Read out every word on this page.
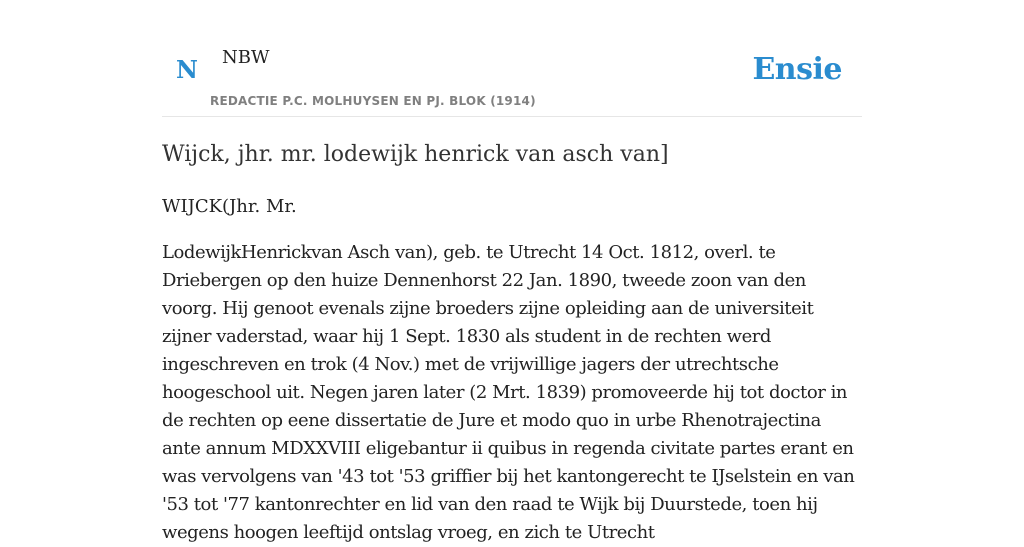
N NBW
REDACTIE P.C. MOLHUYSEN EN PJ. BLOK (1914)
Ensie
Wijck, jhr. mr. lodewijk henrick van asch van]

WIJCK(Jhr. Mr.

LodewijkHenrickvan Asch van), geb. te Utrecht 14 Oct. 1812, overl. te Driebergen op den huize Dennenhorst 22 Jan. 1890, tweede zoon van den voorg. Hij genoot evenals zijne broeders zijne opleiding aan de universiteit zijner vaderstad, waar hij 1 Sept. 1830 als student in de rechten werd ingeschreven en trok (4 Nov.) met de vrijwillige jagers der utrechtsche hoogeschool uit. Negen jaren later (2 Mrt. 1839) promoveerde hij tot doctor in de rechten op eene dissertatie de Jure et modo quo in urbe Rhenotrajectina ante annum MDXXVIII eligebantur ii quibus in regenda civitate partes erant en was vervolgens van '43 tot '53 griffier bij het kantongerecht te IJselstein en van '53 tot '77 kantonrechter en lid van den raad te Wijk bij Duurstede, toen hij wegens hoogen leeftijd ontslag vroeg, en zich te Utrecht
